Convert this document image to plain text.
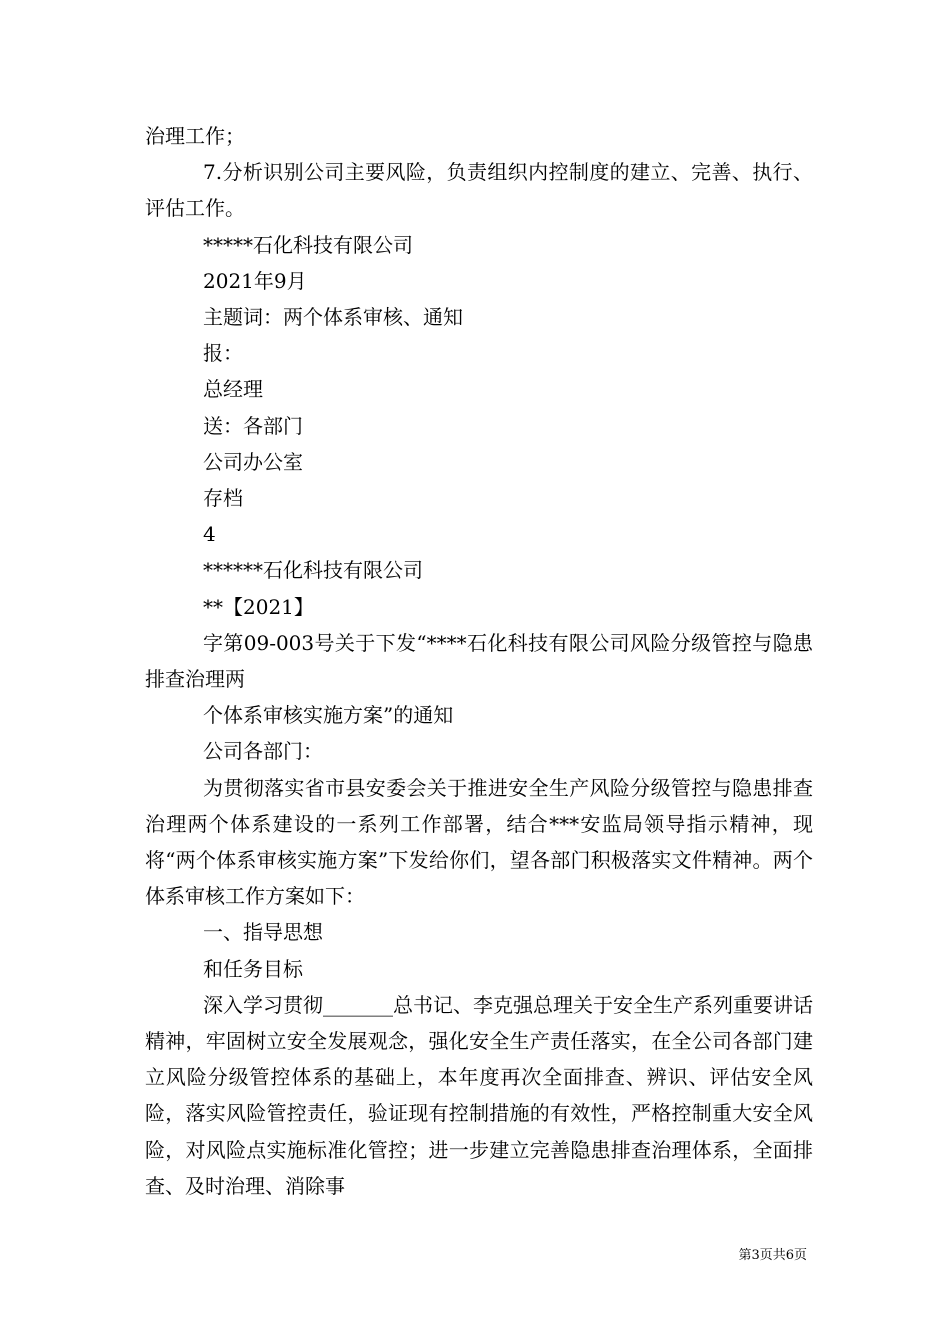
治理工作；

7.分析识别公司主要风险，负责组织内控制度的建立、完善、执行、评估工作。

*****石化科技有限公司

2021年9月

主题词：两个体系审核、通知

报：

总经理

送：各部门

公司办公室

存档

4

******石化科技有限公司

**【2021】

字第09-003号关于下发“****石化科技有限公司风险分级管控与隐患排查治理两

个体系审核实施方案”的通知

公司各部门：

为贯彻落实省市县安委会关于推进安全生产风险分级管控与隐患排查治理两个体系建设的一系列工作部署，结合***安监局领导指示精神，现将“两个体系审核实施方案”下发给你们，望各部门积极落实文件精神。两个体系审核工作方案如下：

一、指导思想

和任务目标

深入学习贯彻_______总书记、李克强总理关于安全生产系列重要讲话精神，牢固树立安全发展观念，强化安全生产责任落实，在全公司各部门建立风险分级管控体系的基础上，本年度再次全面排查、辨识、评估安全风险，落实风险管控责任，验证现有控制措施的有效性，严格控制重大安全风险，对风险点实施标准化管控；进一步建立完善隐患排查治理体系，全面排查、及时治理、消除事

第3页共6页
